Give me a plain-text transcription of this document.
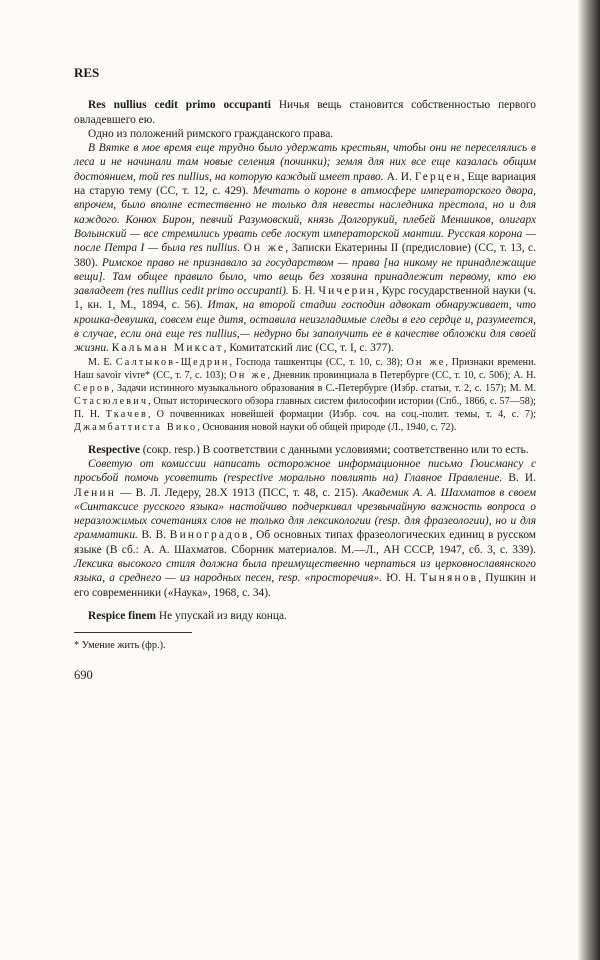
RES

Res nullius cedit primo occupanti Ничья вещь становится собственностью первого овладевшего ею.

Одно из положений римского гражданского права.

В Вятке в мое время еще трудно было удержать крестьян, чтобы они не переселялись в леса и не начинали там новые селения (починки); земля для них все еще казалась общим достоянием, той res nullius, на которую каждый имеет право. А. И. Герцен, Еще вариация на старую тему (СС, т. 12, с. 429). Мечтать о короне в атмосфере императорского двора, впрочем, было вполне естественно не только для невесты наследника престола, но и для каждого. Конюх Бирон, певчий Разумовский, князь Долгорукий, плебей Меншиков, олигарх Волынский — все стремились урвать себе лоскут императорской мантии. Русская корона — после Петра I — была res nullius. Он же, Записки Екатерины II (предисловие) (СС, т. 13, с. 380). Римское право не признавало за государством — права [на никому не принадлежащие вещи]. Там общее правило было, что вещь без хозяина принадлежит первому, кто ею завладеет (res nullius cedit primo occupanti). Б. Н. Чичерин, Курс государственной науки (ч. 1, кн. 1, М., 1894, с. 56). Итак, на второй стадии господин адвокат обнаруживает, что крошка-девушка, совсем еще дитя, оставила неизгладимые следы в его сердце и, разумеется, в случае, если она еще res nullius,— недурно бы заполучить ее в качестве обложки для своей жизни. Кальман Миксат, Комитатский лис (СС, т. I, с. 377).

М. Е. Салтыков-Щедрин, Господа ташкентцы (СС, т. 10, с. 38); Он же, Признаки времени. Наш savoir vivre* (СС, т. 7, с. 103); Он же, Дневник провинциала в Петербурге (СС, т. 10, с. 506); А. Н. Серов, Задачи истинного музыкального образования в С.-Петербурге (Избр. статьи, т. 2, с. 157); М. М. Стасюлевич, Опыт исторического обзора главных систем философии истории (Спб., 1866, с. 57—58); П. Н. Ткачев, О почвенниках новейшей формации (Избр. соч. на соц.-полит. темы, т. 4, с. 7); Джамбаттиста Вико, Основания новой науки об общей природе (Л., 1940, с. 72).

Respective (сокр. resp.) В соответствии с данными условиями; соответственно или то есть.

Советую от комиссии написать осторожное информационное письмо Гюисмансу с просьбой помочь усоветить (respective морально повлиять на) Главное Правление. В. И. Ленин — В. Л. Ледеру, 28.X 1913 (ПСС, т. 48, с. 215). Академик А. А. Шахматов в своем «Синтаксисе русского языка» настойчиво подчеркивал чрезвычайную важность вопроса о неразложимых сочетаниях слов не только для лексикологии (resp. для фразеологии), но и для грамматики. В. В. Виноградов, Об основных типах фразеологических единиц в русском языке (В сб.: А. А. Шахматов. Сборник материалов. М.—Л., АН СССР, 1947, сб. 3, с. 339). Лексика высокого стиля должна была преимущественно черпаться из церковнославянского языка, а среднего — из народных песен, resp. «просторечия». Ю. Н. Тынянов, Пушкин и его современники («Наука», 1968, с. 34).

Respice finem Не упускай из виду конца.

* Умение жить (фр.).
690
